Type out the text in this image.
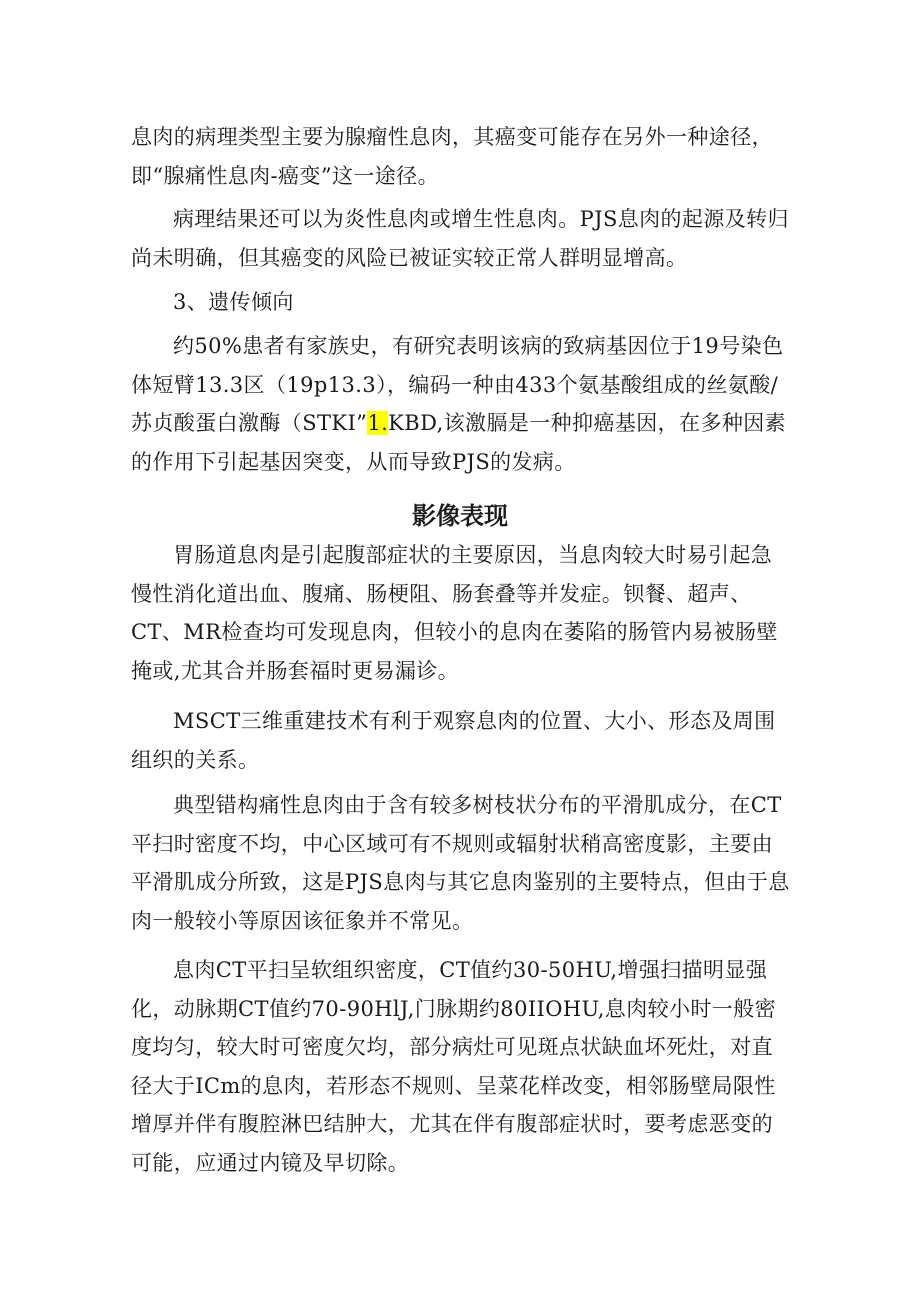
息肉的病理类型主要为腺瘤性息肉，其癌变可能存在另外一种途径，即“腺痛性息肉-癌变”这一途径。

病理结果还可以为炎性息肉或增生性息肉。PJS息肉的起源及转归尚未明确，但其癌变的风险已被证实较正常人群明显增高。

3、遗传倾向

约50%患者有家族史，有研究表明该病的致病基因位于19号染色体短臂13.3区（19p13.3），编码一种由433个氨基酸组成的丝氨酸/苏贞酸蛋白激酶（STKI”1.KBD,该激膈是一种抑癌基因，在多种因素的作用下引起基因突变，从而导致PJS的发病。

影像表现

胃肠道息肉是引起腹部症状的主要原因，当息肉较大时易引起急慢性消化道出血、腹痛、肠梗阻、肠套叠等并发症。钡餐、超声、CT、MR检查均可发现息肉，但较小的息肉在萎陷的肠管内易被肠壁掩或,尤其合并肠套福时更易漏诊。

MSCT三维重建技术有利于观察息肉的位置、大小、形态及周围组织的关系。

典型错构痛性息肉由于含有较多树枝状分布的平滑肌成分，在CT平扫时密度不均，中心区域可有不规则或辐射状稍高密度影，主要由平滑肌成分所致，这是PJS息肉与其它息肉鉴别的主要特点，但由于息肉一般较小等原因该征象并不常见。

息肉CT平扫呈软组织密度，CT值约30-50HU,增强扫描明显强化，动脉期CT值约70-90HlJ,门脉期约80IIOHU,息肉较小时一般密度均匀，较大时可密度欠均，部分病灶可见斑点状缺血坏死灶，对直径大于ICm的息肉，若形态不规则、呈菜花样改变，相邻肠壁局限性增厚并伴有腹腔淋巴结肿大，尤其在伴有腹部症状时，要考虑恶变的可能，应通过内镜及早切除。
